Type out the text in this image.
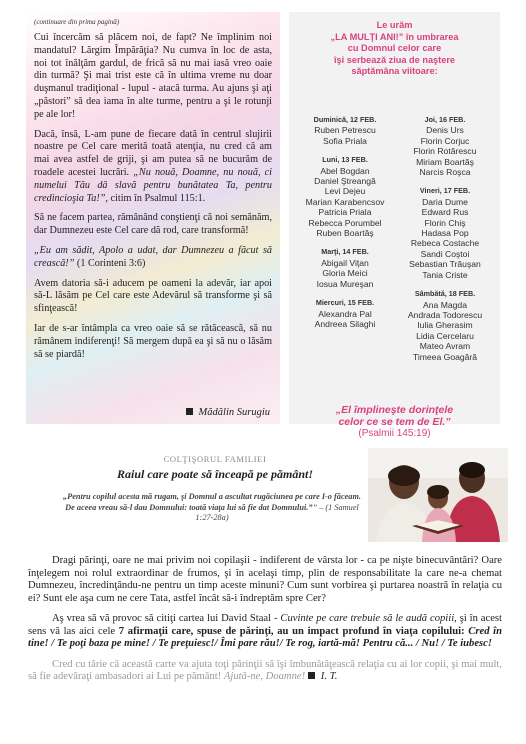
(continuare din prima pagină)

Cui încercăm să plăcem noi, de fapt? Ne împlinim noi mandatul? Lărgim Împărăţia? Nu cumva în loc de asta, noi tot înălţăm gardul, de frică să nu mai iasă vreo oaie din turmă? Şi mai trist este că în ultima vreme nu doar duşmanul tradiţional - lupul - atacă turma. Au ajuns şi aţi „păstori” să dea iama în alte turme, pentru a şi le rotunji pe ale lor!

Dacă, însă, L-am pune de fiecare dată în centrul slujirii noastre pe Cel care merită toată atenţia, nu cred că am mai avea astfel de griji, şi am putea să ne bucurăm de roadele acestei lucrări. „Nu nouă, Doamne, nu nouă, ci numelui Tău dă slavă pentru bunătatea Ta, pentru credincioşia Ta!”, citim în Psalmul 115:1.

Să ne facem partea, rămânând conştienţi că noi semănăm, dar Dumnezeu este Cel care dă rod, care transformă!

„Eu am sădit, Apolo a udat, dar Dumnezeu a făcut să crească!” (1 Corinteni 3:6)

Avem datoria să-i aducem pe oameni la adevăr, iar apoi să-L lăsăm pe Cel care este Adevărul să transforme şi să sfinţească!

Iar de s-ar întâmpla ca vreo oaie să se rătăcească, să nu rămânem indiferenţi! Să mergem după ea şi să nu o lăsăm să se piardă!

Mădălin Surugiu
Le urăm
„LA MULŢI ANI!” în umbrarea
cu Domnul celor care
îşi serbează ziua de naştere
săptămâna viitoare:
Duminică, 12 FEB.
Ruben Petrescu
Sofia Priala
Luni, 13 FEB.
Abel Bogdan
Daniel Ştreangă
Levi Dejeu
Marian Karabencsov
Patricia Priala
Rebecca Porumbel
Ruben Boartăş
Marţi, 14 FEB.
Abigail Viţan
Gloria Meici
Iosua Mureşan
Miercuri, 15 FEB.
Alexandra Pal
Andreea Silaghi
Joi, 16 FEB.
Denis Urs
Florin Corjuc
Florin Rotărescu
Miriam Boartăş
Narcis Roşca
Vineri, 17 FEB.
Daria Dume
Edward Rus
Florin Chiş
Hadasa Pop
Rebeca Costache
Sandi Coştoi
Sebastian Trăuşan
Tania Criste
Sâmbătă, 18 FEB.
Ana Magda
Andrada Todorescu
Iulia Gherasim
Lidia Cercelaru
Mateo Avram
Timeea Goagără
„El împlineşte dorinţele
celor ce se tem de El.”
(Psalmii 145:19)
COLŢIŞORUL FAMILIEI
Raiul care poate să înceapă pe pământ!
„Pentru copilul acesta mă rugam, şi Domnul a ascultat rugăciunea pe care I-o făceam. De aceea vreau să-l dau Domnului: toată viaţa lui să fie dat Domnului.”” – (1 Samuel 1:27-28a)

Dragi părinţi, oare ne mai privim noi copilaşii - indiferent de vârsta lor - ca pe nişte binecuvântări? Oare înţelegem noi rolul extraordinar de frumos, şi în acelaşi timp, plin de responsabilitate la care ne-a chemat Dumnezeu, încredinţându-ne pentru un timp aceste minuni? Cum sunt vorbirea şi purtarea noastră în relaţia cu ei? Sunt ele aşa cum ne cere Tata, astfel încât să-i îndreptăm spre Cer?

Aş vrea să vă provoc să citiţi cartea lui David Staal - Cuvinte pe care trebuie să le audă copiii, şi în acest sens vă las aici cele 7 afirmaţii care, spuse de părinţi, au un impact profund în viaţa copilului: Cred în tine! / Te poţi baza pe mine! / Te preţuiesc!/ Îmi pare rău!/ Te rog, iartă-mă! Pentru că... / Nu! / Te iubesc!

Cred cu tărie că această carte va ajuta toţi părinţii să îşi îmbunătăţească relaţia cu ai lor copii, şi mai mult, să fie adevăraţi ambasadori ai Lui pe pământ! Ajută-ne, Doamne! I. T.
